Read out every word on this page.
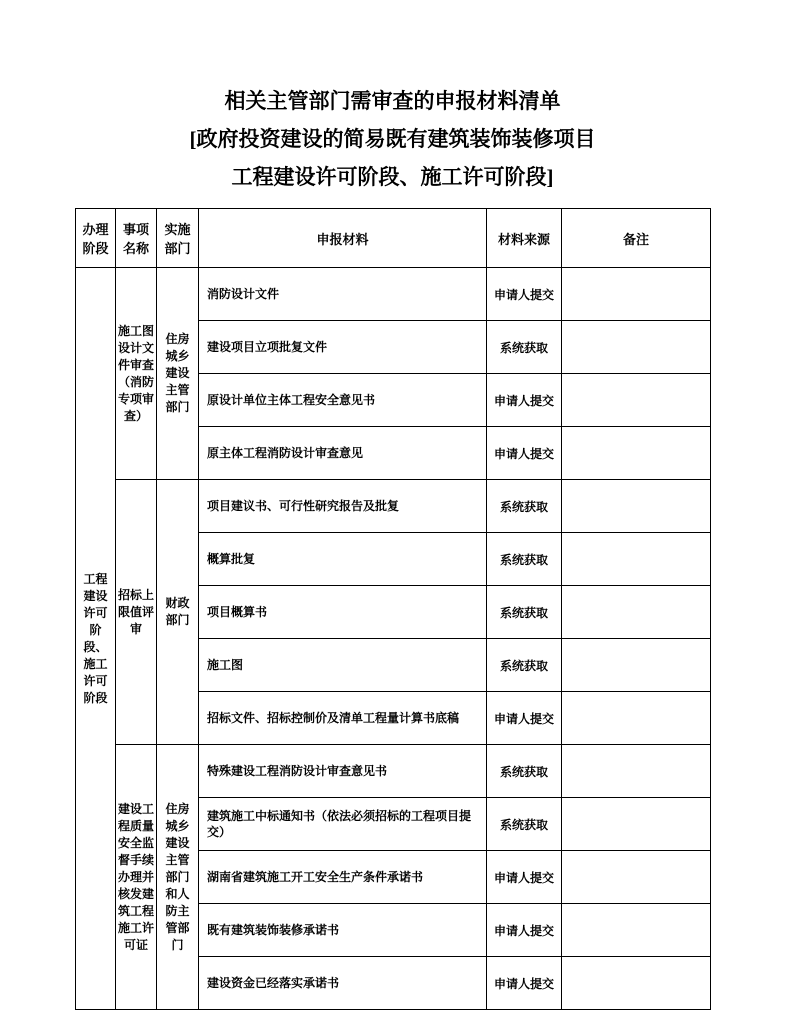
相关主管部门需审查的申报材料清单
[政府投资建设的简易既有建筑装饰装修项目
工程建设许可阶段、施工许可阶段]
办理阶段	事项名称	实施部门	申报材料	材料来源	备注
工程建设许可阶段、施工许可阶段	施工图设计文件审查（消防专项审查）	住房城乡建设主管部门	消防设计文件	申请人提交	
			建设项目立项批复文件	系统获取	
			原设计单位主体工程安全意见书	申请人提交	
			原主体工程消防设计审查意见	申请人提交	
	招标上限值评审	财政部门	项目建议书、可行性研究报告及批复	系统获取	
			概算批复	系统获取	
			项目概算书	系统获取	
			施工图	系统获取	
			招标文件、招标控制价及清单工程量计算书底稿	申请人提交	
	建设工程质量安全监督手续办理并核发建筑工程施工许可证	住房城乡建设主管部门和人防主管部门	特殊建设工程消防设计审查意见书	系统获取	
			建筑施工中标通知书（依法必须招标的工程项目提交）	系统获取	
			湖南省建筑施工开工安全生产条件承诺书	申请人提交	
			既有建筑装饰装修承诺书	申请人提交	
			建设资金已经落实承诺书	申请人提交	
